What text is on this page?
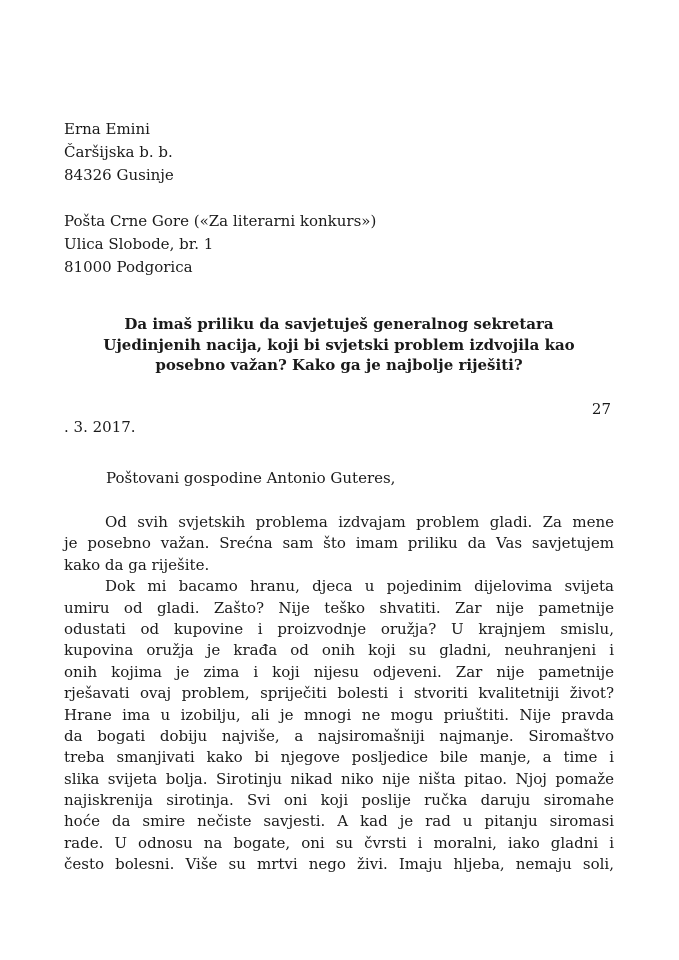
Erna Emini
Čaršijska b. b.
84326 Gusinje
Pošta Crne Gore («Za literarni konkurs»)
Ulica Slobode, br. 1
81000 Podgorica
Da imaš priliku da savjetuješ generalnog sekretara
Ujedinjenih nacija, koji bi svjetski problem izdvojila kao
posebno važan? Kako ga je najbolje riješiti?
27
. 3. 2017.
Poštovani gospodine Antonio Guteres,
Od svih svjetskih problema izdvajam problem gladi. Za mene
je posebno važan. Srećna sam što imam priliku da Vas savjetujem
kako da ga riješite.
Dok mi bacamo hranu, djeca u pojedinim dijelovima svijeta
umiru od gladi. Zašto? Nije teško shvatiti. Zar nije pametnije
odustati od kupovine i proizvodnje oružja? U krajnjem smislu,
kupovina oružja je krađa od onih koji su gladni, neuhranjeni i
onih kojima je zima i koji nijesu odjeveni. Zar nije pametnije
rješavati ovaj problem, spriječiti bolesti i stvoriti kvalitetniji život?
Hrane ima u izobilju, ali je mnogi ne mogu priuštiti. Nije pravda
da bogati dobiju najviše, a najsiromašniji najmanje. Siromaštvo
treba smanjivati kako bi njegove posljedice bile manje, a time i
slika svijeta bolja. Sirotinju nikad niko nije ništa pitao. Njoj pomaže
najiskrenija sirotinja. Svi oni koji poslije ručka daruju siromahe
hoće da smire nečiste savjesti. A kad je rad u pitanju siromasi
rade. U odnosu na bogate, oni su čvrsti i moralni, iako gladni i
često bolesni. Više su mrtvi nego živi. Imaju hljeba, nemaju soli,
